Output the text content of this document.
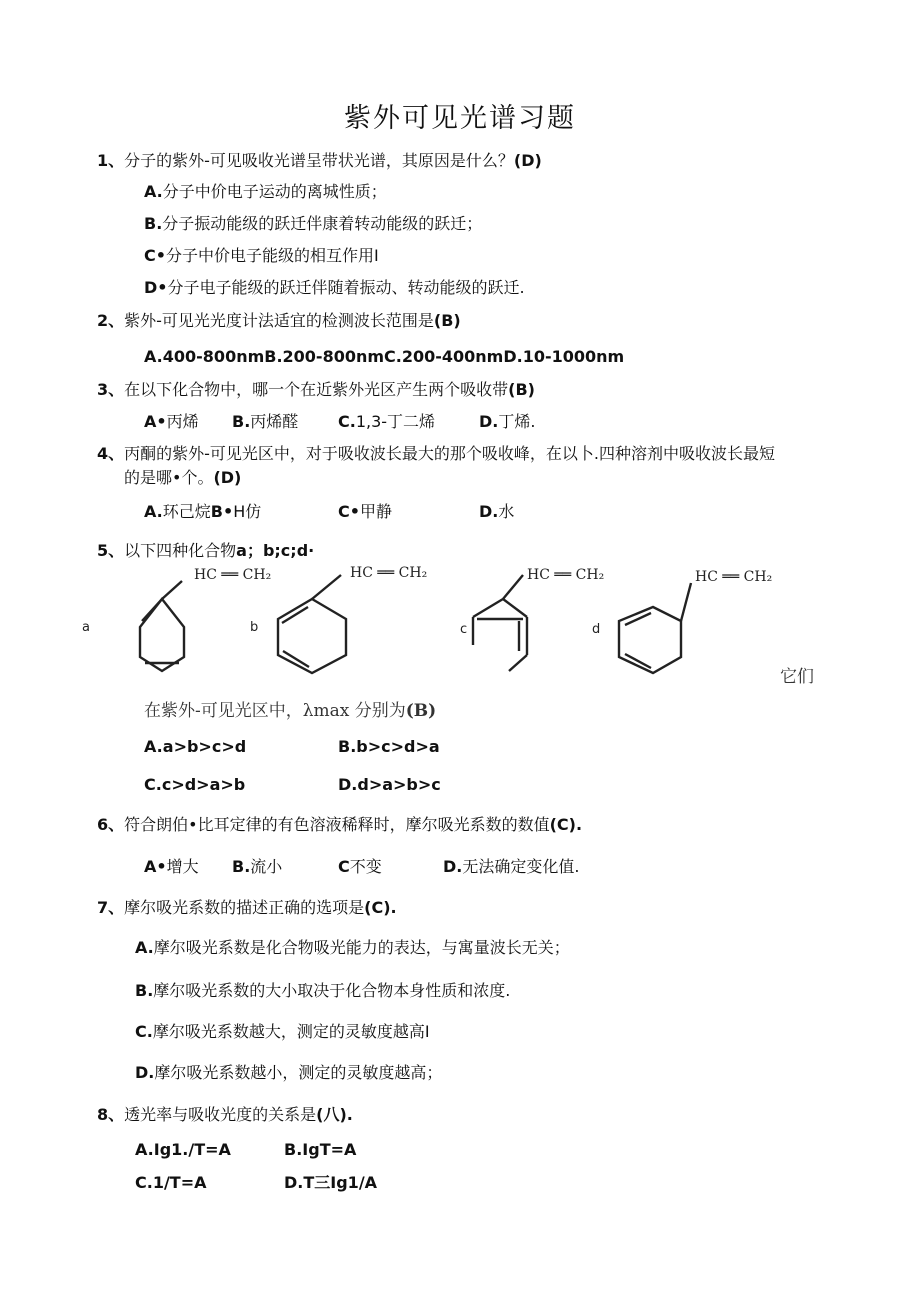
紫外可见光谱习题
1、分子的紫外-可见吸收光谱呈带状光谱，其原因是什么？(D)
A.分子中价电子运动的离城性质；
B.分子振动能级的跃迁伴康着转动能级的跃迁；
C•分子中价电子能级的相互作用I
D•分子电子能级的跃迁伴随着振动、转动能级的跃迁.
2、紫外-可见光光度计法适宜的检测波长范围是(B)
A.400-800nmB.200-800nmC.200-400nmD.10-1000nm
3、在以下化合物中，哪一个在近紫外光区产生两个吸收带(B)
A•丙烯 B.丙烯醛 C.1,3-丁二烯	D.丁烯.
4、丙酮的紫外-可见光区中，对于吸收波长最大的那个吸收峰，在以卜.四种溶剂中吸收波长最短
的是哪•个。(D)
A.环己烷B•H仿	C•甲静	D.水
5、以下四种化合物a；b;c;d·
a
HC ══ CH₂
b
HC ══ CH₂
c
HC ══ CH₂
d
HC ══ CH₂
它们
在紫外-可见光区中，λmax 分别为(B)
A.a>b>c>d	B.b>c>d>a
C.c>d>a>b	D.d>a>b>c
6、符合朗伯•比耳定律的有色溶液稀释时，摩尔吸光系数的数值(C).
A•增大 B.流小	C不变	D.无法确定变化值.
7、摩尔吸光系数的描述正确的选项是(C).
A.摩尔吸光系数是化合物吸光能力的表达，与寓量波长无关；
B.摩尔吸光系数的大小取决于化合物本身性质和浓度.
C.摩尔吸光系数越大，测定的灵敏度越高I
D.摩尔吸光系数越小，测定的灵敏度越高；
8、透光率与吸收光度的关系是(八).
A.Ig1./T=A	B.IgT=A
C.1/T=A	D.T三Ig1/A
